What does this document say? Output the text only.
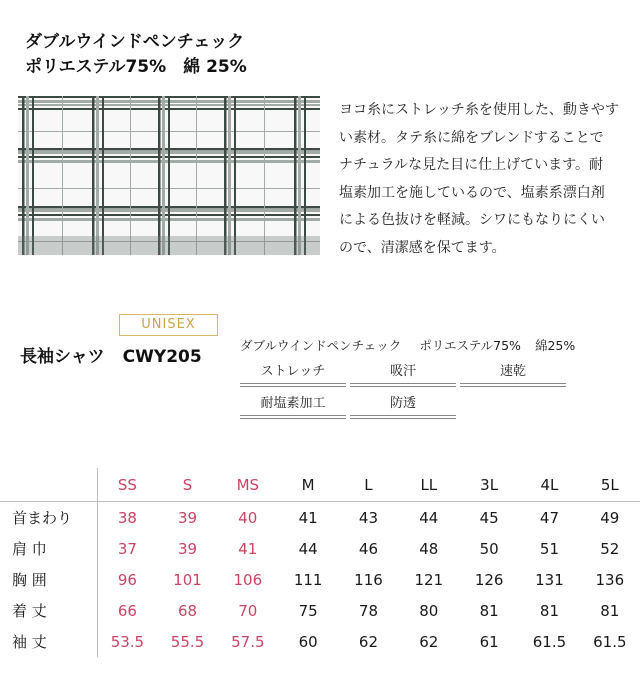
ダブルウインドペンチェック
ポリエステル75%　綿 25%
ヨコ糸にストレッチ糸を使用した、動きやす
い素材。タテ糸に綿をブレンドすることで
ナチュラルな見た目に仕上げています。耐
塩素加工を施しているので、塩素系漂白剤
による色抜けを軽減。シワにもなりにくい
ので、清潔感を保てます。
UNISEX
長袖シャツ CWY205
ダブルウインドペンチェック ポリエステル75% 綿25%
ストレッチ	吸汗	速乾
耐塩素加工	防透
	SS	S	MS	M	L	LL	3L	4L	5L
首まわり	38	39	40	41	43	44	45	47	49
肩 巾	37	39	41	44	46	48	50	51	52
胸 囲	96	101	106	111	116	121	126	131	136
着 丈	66	68	70	75	78	80	81	81	81
袖 丈	53.5	55.5	57.5	60	62	62	61	61.5	61.5
